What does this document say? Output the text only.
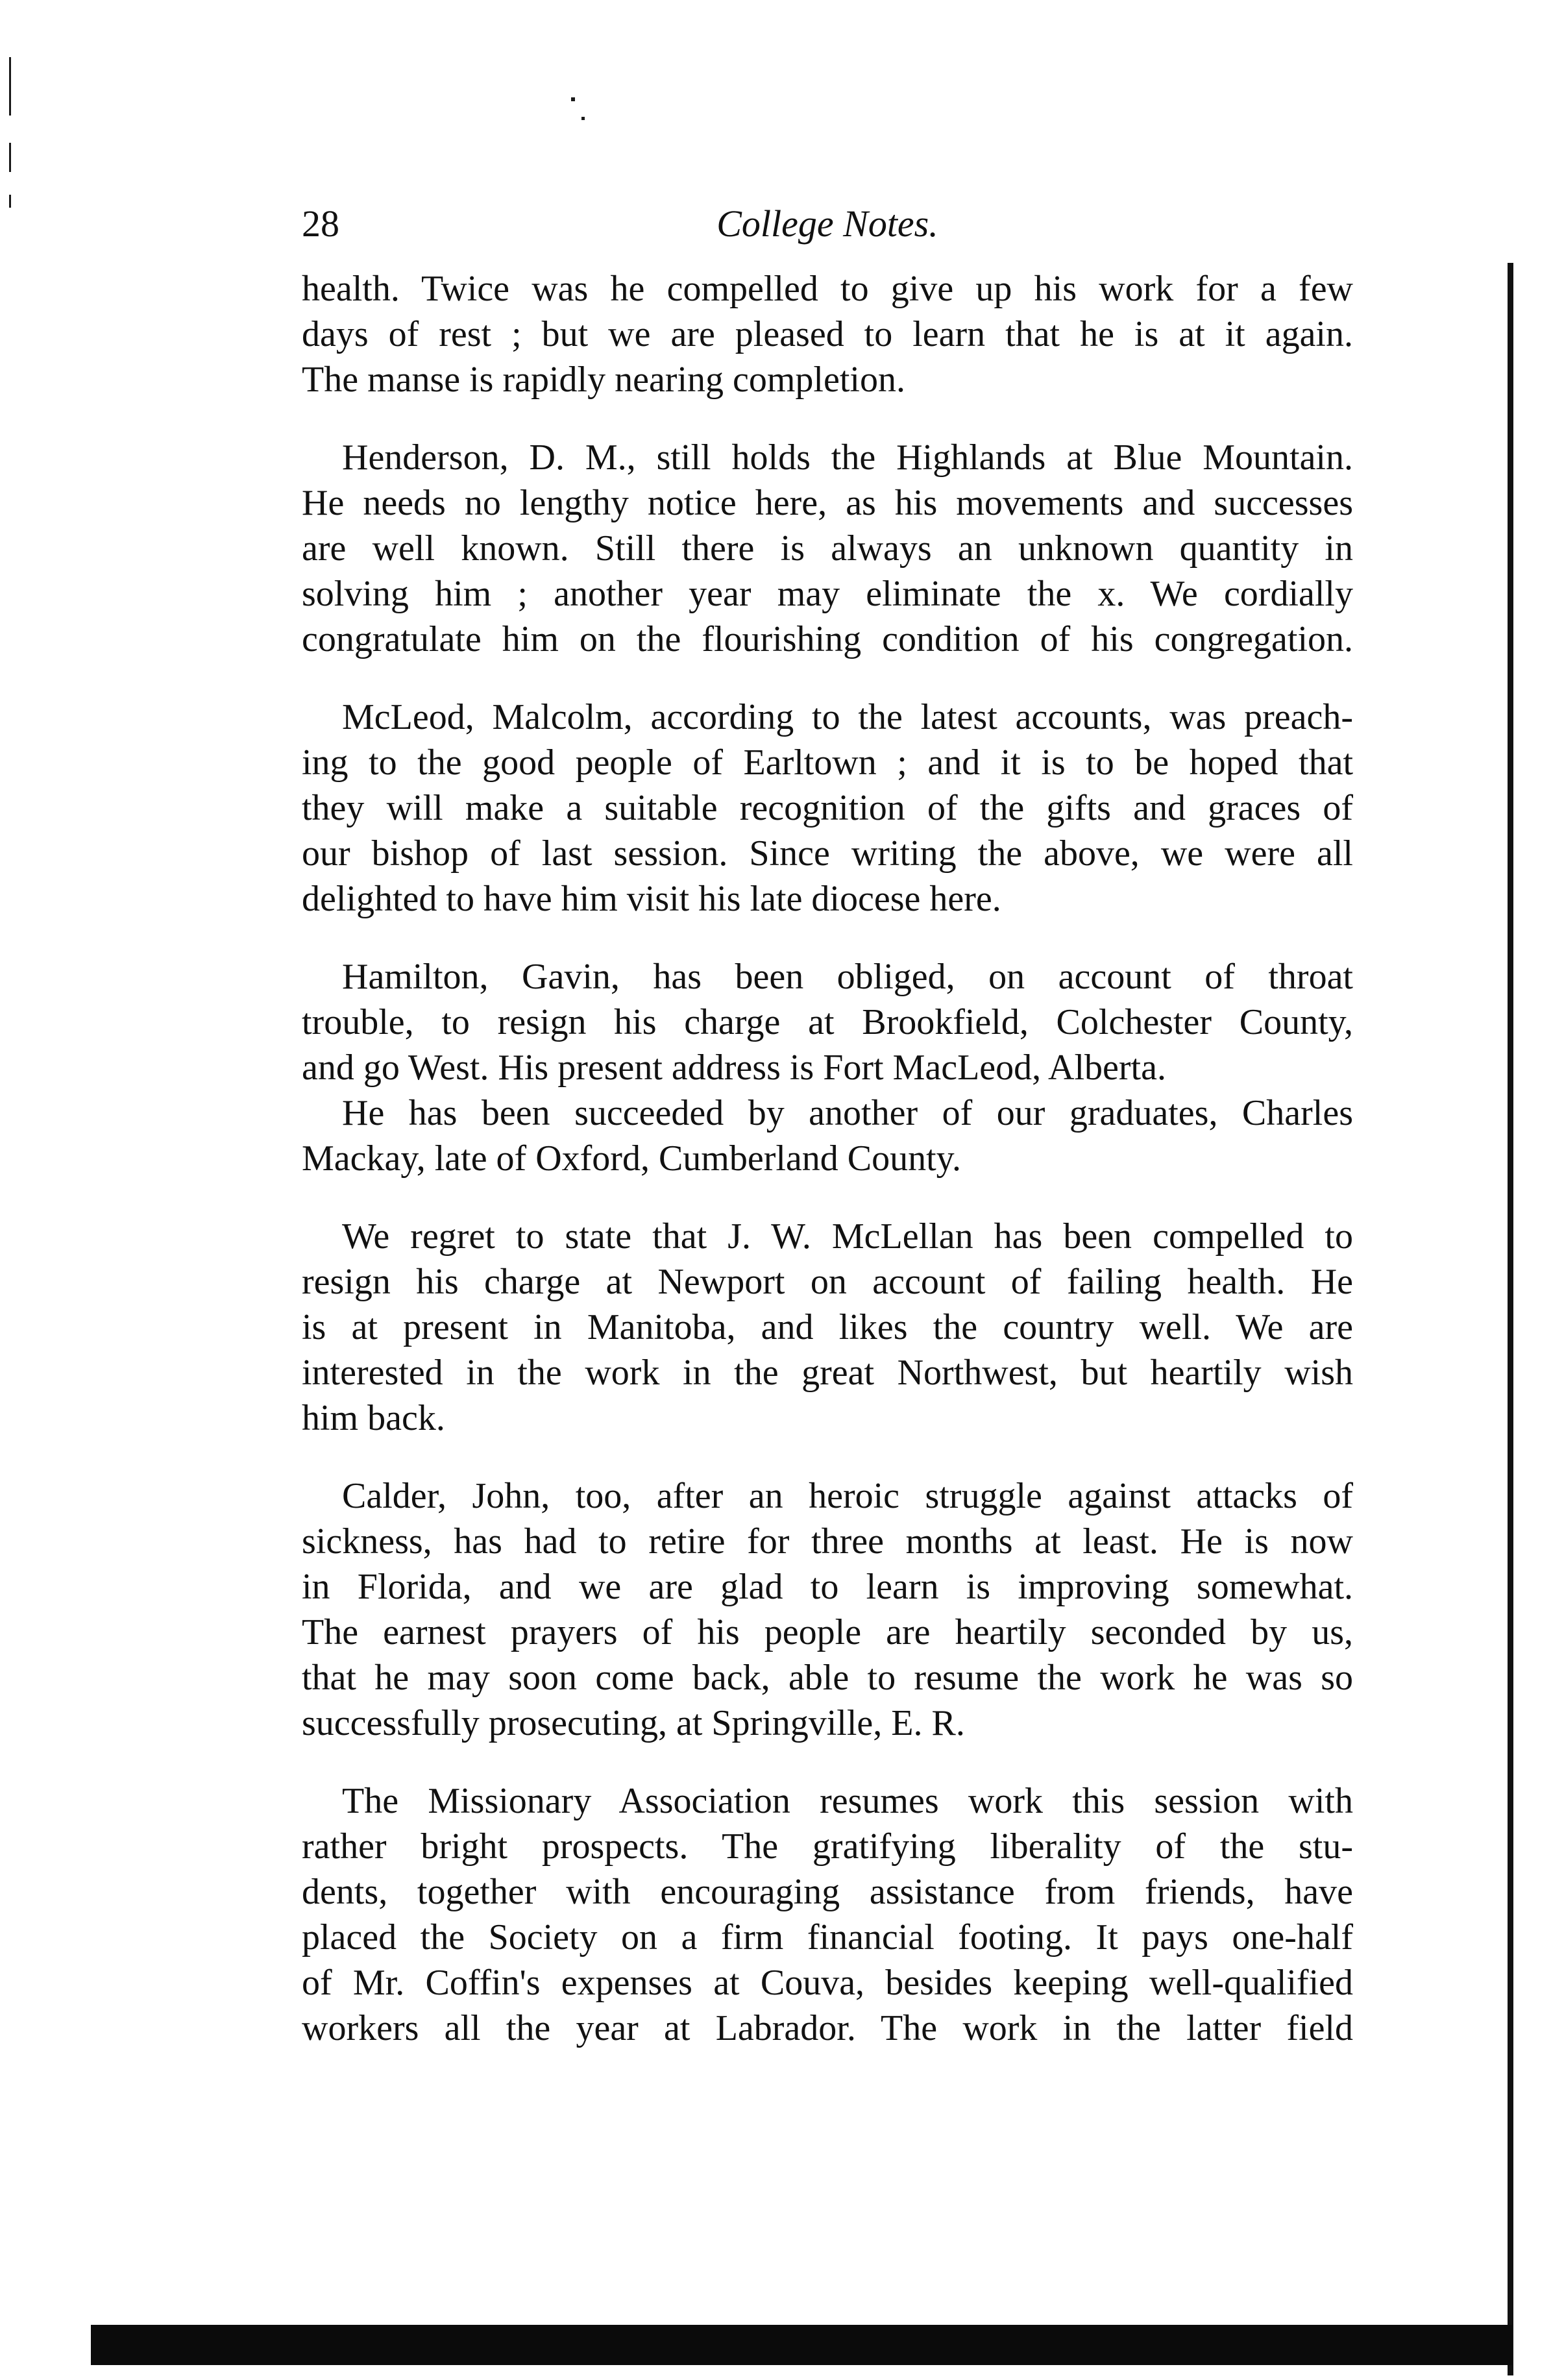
28	College Notes.
health. Twice was he compelled to give up his work for a few
days of rest ; but we are pleased to learn that he is at it again.
The manse is rapidly nearing completion.
Henderson, D. M., still holds the Highlands at Blue Mountain.
He needs no lengthy notice here, as his movements and successes
are well known. Still there is always an unknown quantity in
solving him ; another year may eliminate the x. We cordially
congratulate him on the flourishing condition of his congregation.
McLeod, Malcolm, according to the latest accounts, was preach-
ing to the good people of Earltown ; and it is to be hoped that
they will make a suitable recognition of the gifts and graces of
our bishop of last session. Since writing the above, we were all
delighted to have him visit his late diocese here.
Hamilton, Gavin, has been obliged, on account of throat
trouble, to resign his charge at Brookfield, Colchester County,
and go West. His present address is Fort MacLeod, Alberta.
He has been succeeded by another of our graduates, Charles
Mackay, late of Oxford, Cumberland County.
We regret to state that J. W. McLellan has been compelled to
resign his charge at Newport on account of failing health. He
is at present in Manitoba, and likes the country well. We are
interested in the work in the great Northwest, but heartily wish
him back.
Calder, John, too, after an heroic struggle against attacks of
sickness, has had to retire for three months at least. He is now
in Florida, and we are glad to learn is improving somewhat.
The earnest prayers of his people are heartily seconded by us,
that he may soon come back, able to resume the work he was so
successfully prosecuting, at Springville, E. R.
The Missionary Association resumes work this session with
rather bright prospects. The gratifying liberality of the stu-
dents, together with encouraging assistance from friends, have
placed the Society on a firm financial footing. It pays one-half
of Mr. Coffin's expenses at Couva, besides keeping well-qualified
workers all the year at Labrador. The work in the latter field
